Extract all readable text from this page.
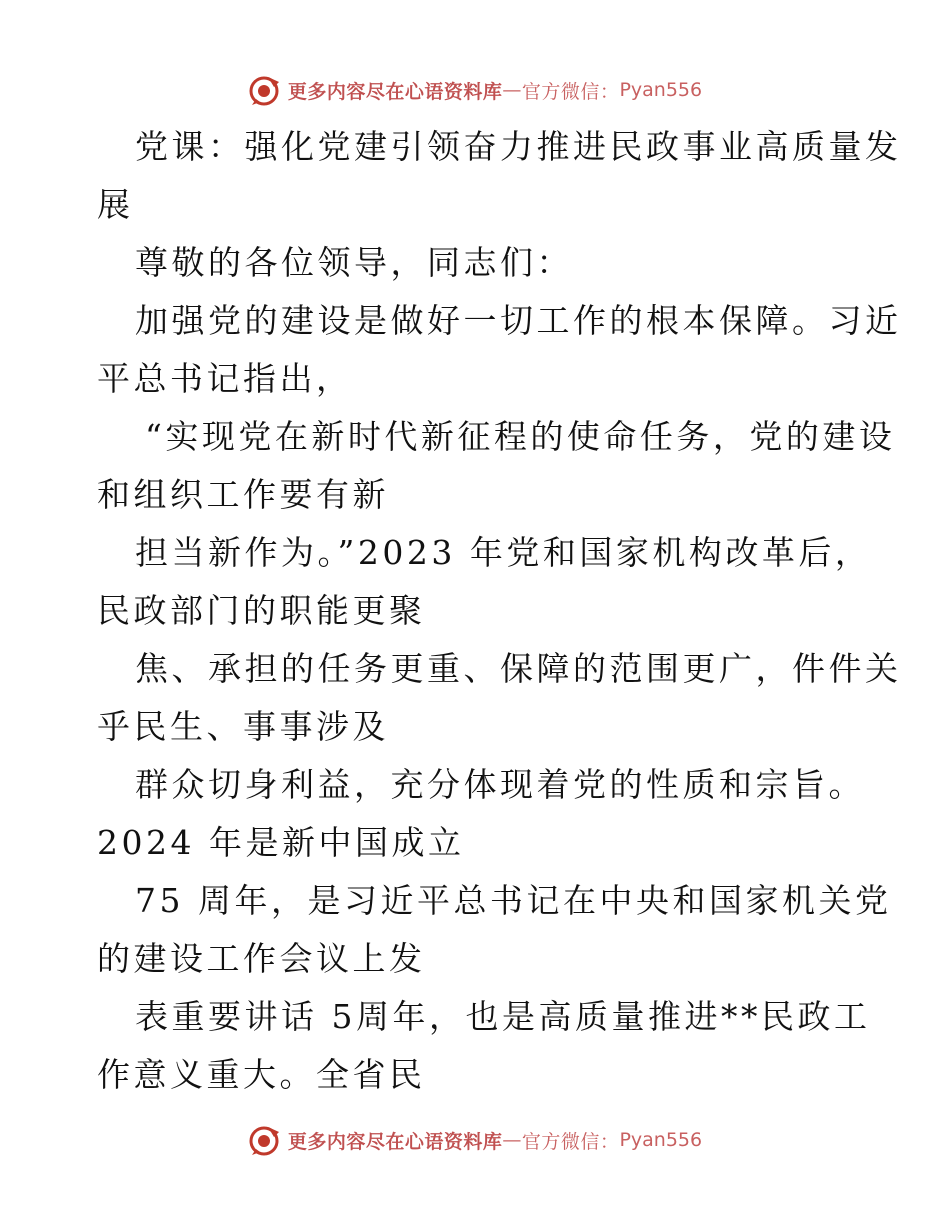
更多内容尽在心语资料库 — 官方微信： Pyan556
党课：强化党建引领奋力推进民政事业高质量发
展
尊敬的各位领导，同志们：
加强党的建设是做好一切工作的根本保障。习近
平总书记指出，
“实现党在新时代新征程的使命任务，党的建设
和组织工作要有新
担当新作为。”2023 年党和国家机构改革后，
民政部门的职能更聚
焦、承担的任务更重、保障的范围更广，件件关
乎民生、事事涉及
群众切身利益，充分体现着党的性质和宗旨。
2024 年是新中国成立
75 周年，是习近平总书记在中央和国家机关党
的建设工作会议上发
表重要讲话 5周年，也是高质量推进**民政工
作意义重大。全省民
更多内容尽在心语资料库 — 官方微信： Pyan556
